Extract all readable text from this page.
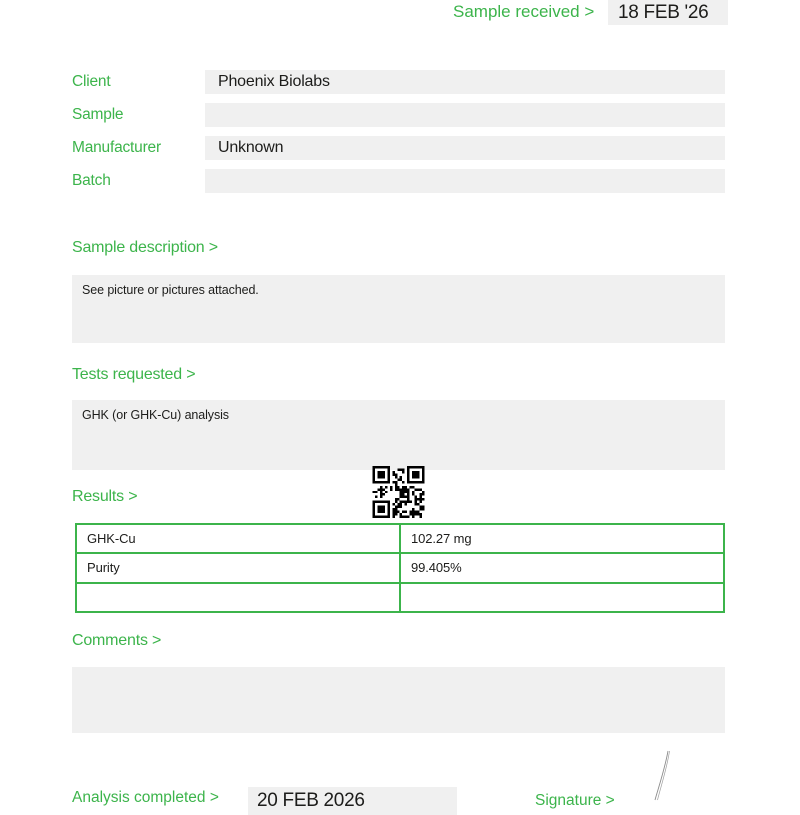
Sample received > 18 FEB '26
Client	Phoenix Biolabs
Sample
Manufacturer	Unknown
Batch
Sample description >
See picture or pictures attached.
Tests requested >
GHK (or GHK-Cu) analysis
Results >
GHK-Cu	102.27 mg
Purity	99.405%
Comments >
Analysis completed > 20 FEB 2026	Signature >
